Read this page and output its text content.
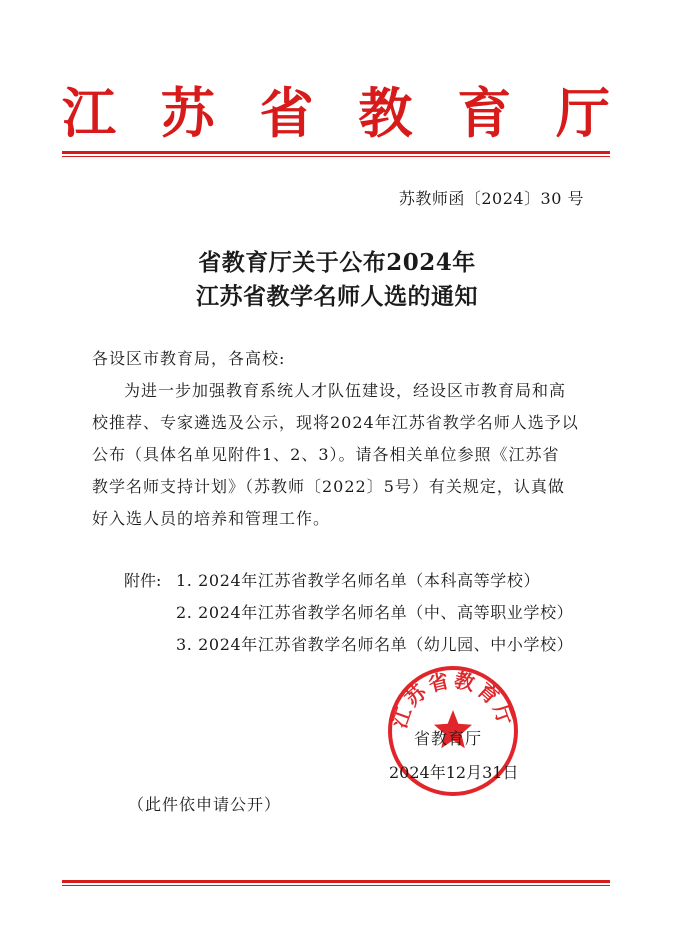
江 苏 省 教 育 厅
苏教师函〔2024〕30 号
省教育厅关于公布2024年
江苏省教学名师人选的通知
各设区市教育局，各高校:
为进一步加强教育系统人才队伍建设，经设区市教育局和高
校推荐、专家遴选及公示，现将2024年江苏省教学名师人选予以
公布（具体名单见附件1、2、3）。请各相关单位参照《江苏省
教学名师支持计划》（苏教师〔2022〕5号）有关规定，认真做
好入选人员的培养和管理工作。
附件: 1. 2024年江苏省教学名师名单（本科高等学校）
2. 2024年江苏省教学名师名单（中、高等职业学校）
3. 2024年江苏省教学名师名单（幼儿园、中小学校）
江苏省教育厅
省教育厅
2024年12月31日
（此件依申请公开）
